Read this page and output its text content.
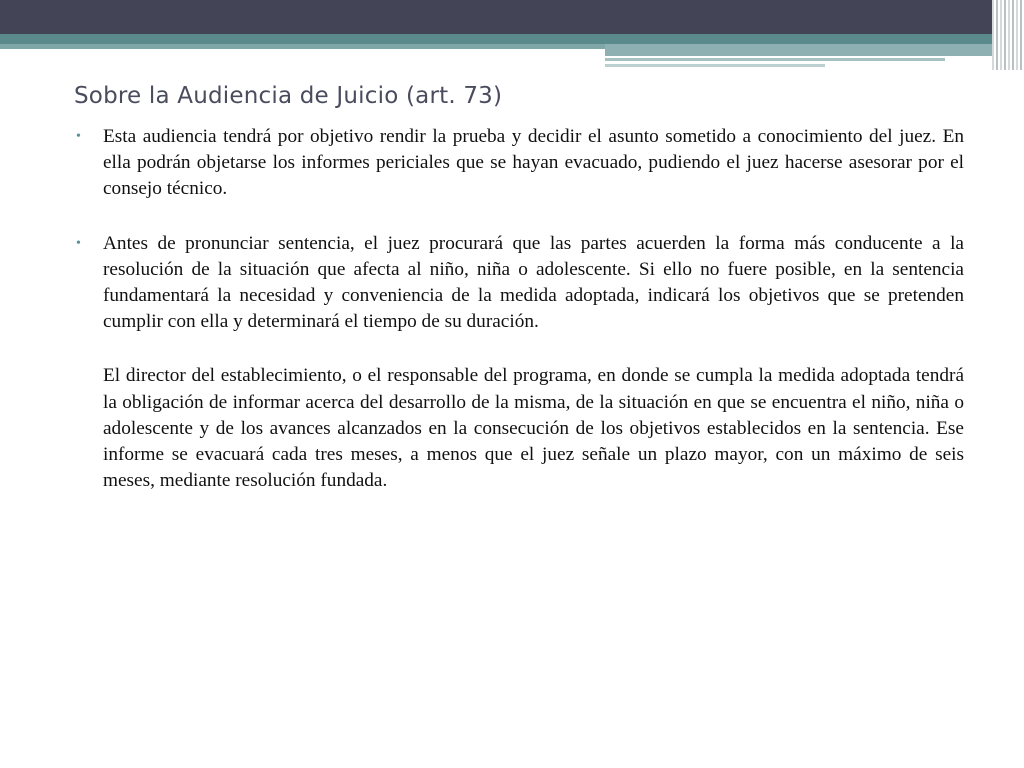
Sobre la Audiencia de Juicio (art. 73)

• Esta audiencia tendrá por objetivo rendir la prueba y decidir el asunto sometido a conocimiento del juez. En ella podrán objetarse los informes periciales que se hayan evacuado, pudiendo el juez hacerse asesorar por el consejo técnico.

• Antes de pronunciar sentencia, el juez procurará que las partes acuerden la forma más conducente a la resolución de la situación que afecta al niño, niña o adolescente. Si ello no fuere posible, en la sentencia fundamentará la necesidad y conveniencia de la medida adoptada, indicará los objetivos que se pretenden cumplir con ella y determinará el tiempo de su duración.

El director del establecimiento, o el responsable del programa, en donde se cumpla la medida adoptada tendrá la obligación de informar acerca del desarrollo de la misma, de la situación en que se encuentra el niño, niña o adolescente y de los avances alcanzados en la consecución de los objetivos establecidos en la sentencia. Ese informe se evacuará cada tres meses, a menos que el juez señale un plazo mayor, con un máximo de seis meses, mediante resolución fundada.
